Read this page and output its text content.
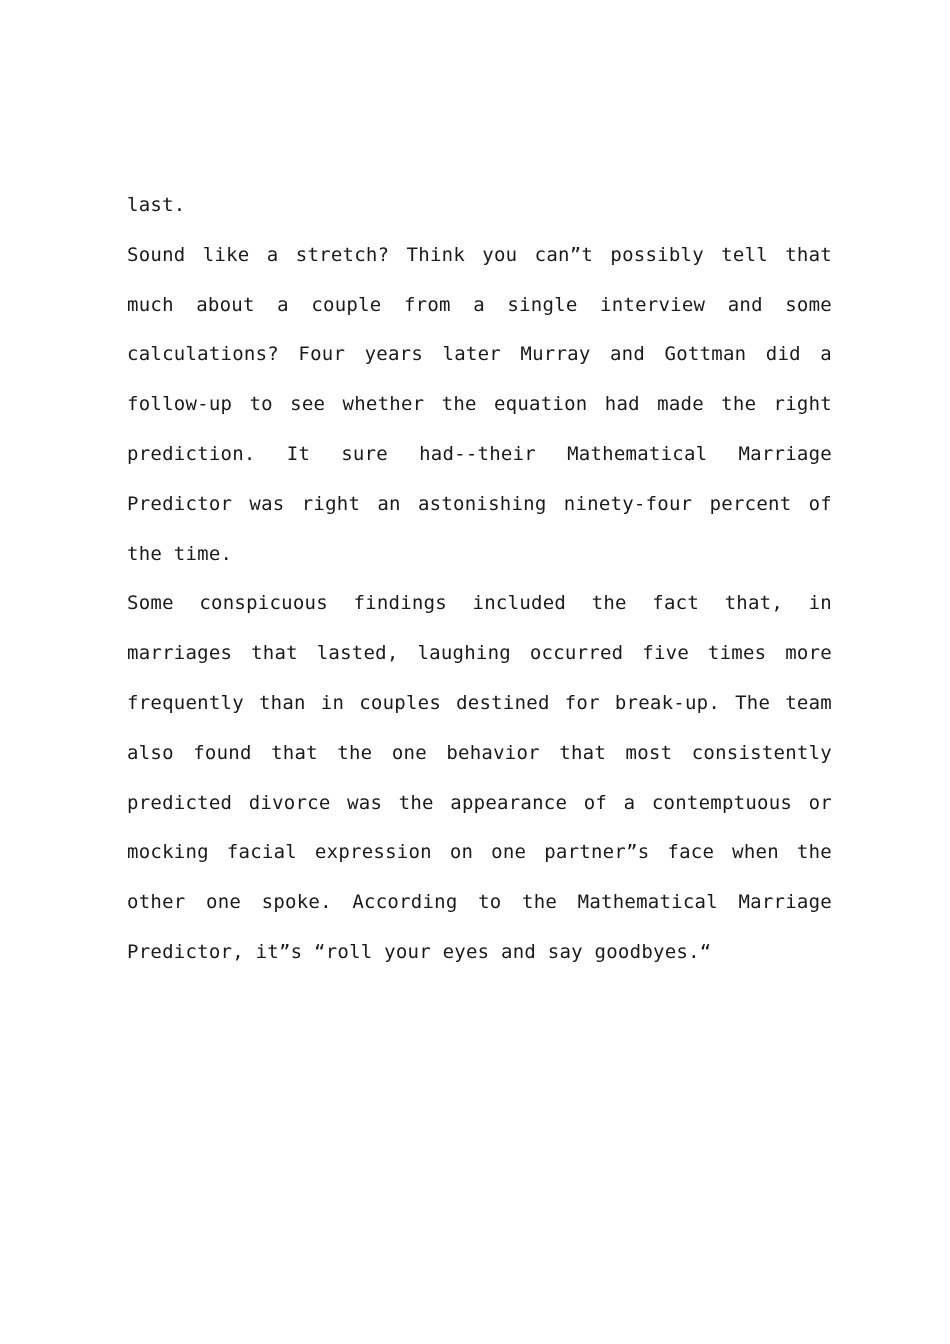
last.

Sound like a stretch? Think you can”t possibly tell that much about a couple from a single interview and some calculations? Four years later Murray and Gottman did a follow-up to see whether the equation had made the right prediction. It sure had--their Mathematical Marriage Predictor was right an astonishing ninety-four percent of the time.

Some conspicuous findings included the fact that, in marriages that lasted, laughing occurred five times more frequently than in couples destined for break-up. The team also found that the one behavior that most consistently predicted divorce was the appearance of a contemptuous or mocking facial expression on one partner”s face when the other one spoke. According to the Mathematical Marriage Predictor, it”s “roll your eyes and say goodbyes.“
